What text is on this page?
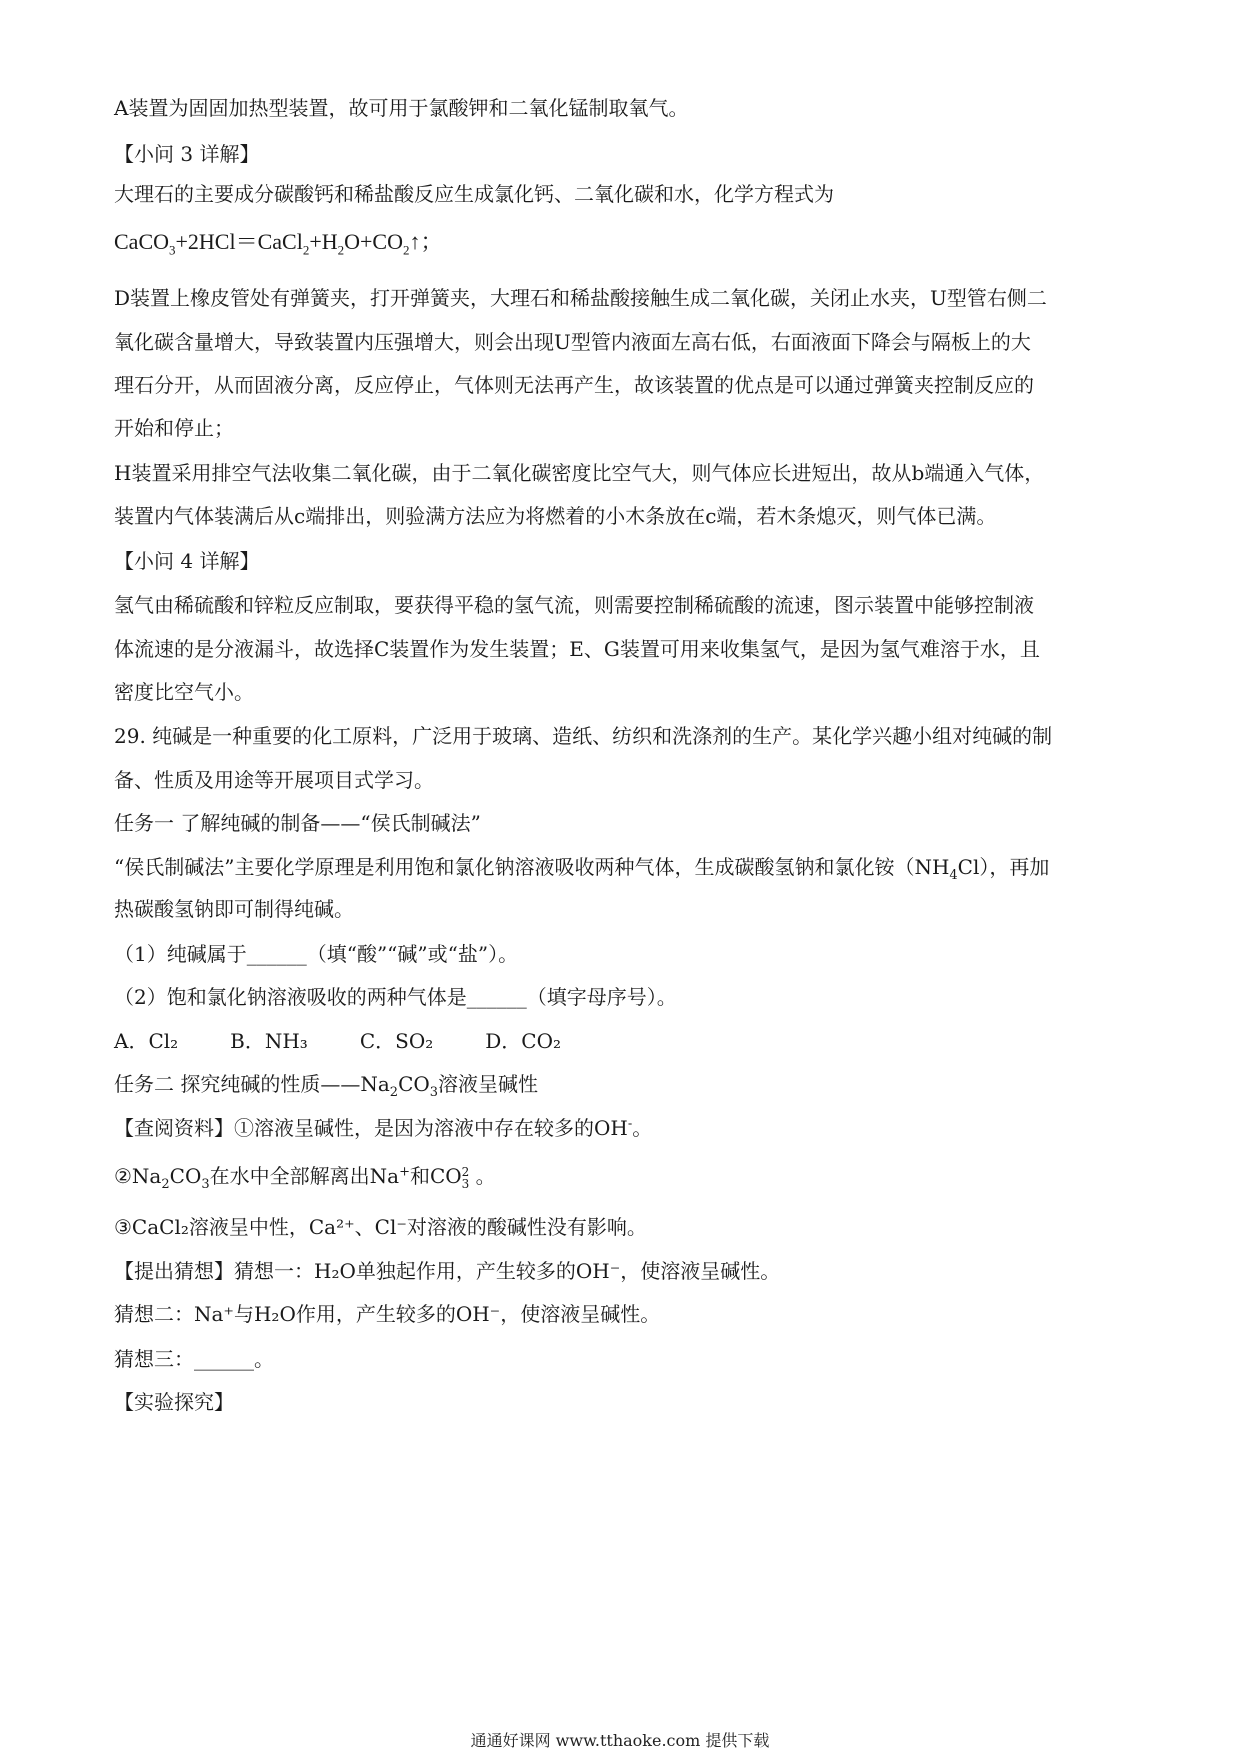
A装置为固固加热型装置，故可用于氯酸钾和二氧化锰制取氧气。
【小问 3 详解】
大理石的主要成分碳酸钙和稀盐酸反应生成氯化钙、二氧化碳和水，化学方程式为
$CaCO_3+2HCl=CaCl_2+H_2O+CO_2↑$；
D装置上橡皮管处有弹簧夹，打开弹簧夹，大理石和稀盐酸接触生成二氧化碳，关闭止水夹，U型管右侧二
氧化碳含量增大，导致装置内压强增大，则会出现U型管内液面左高右低，右面液面下降会与隔板上的大
理石分开，从而固液分离，反应停止，气体则无法再产生，故该装置的优点是可以通过弹簧夹控制反应的
开始和停止；
H装置采用排空气法收集二氧化碳，由于二氧化碳密度比空气大，则气体应长进短出，故从b端通入气体，
装置内气体装满后从c端排出，则验满方法应为将燃着的小木条放在c端，若木条熄灭，则气体已满。
【小问 4 详解】
氢气由稀硫酸和锌粒反应制取，要获得平稳的氢气流，则需要控制稀硫酸的流速，图示装置中能够控制液
体流速的是分液漏斗，故选择C装置作为发生装置；E、G装置可用来收集氢气，是因为氢气难溶于水，且
密度比空气小。
29. 纯碱是一种重要的化工原料，广泛用于玻璃、造纸、纺织和洗涤剂的生产。某化学兴趣小组对纯碱的制
备、性质及用途等开展项目式学习。
任务一 了解纯碱的制备——“侯氏制碱法”
“侯氏制碱法”主要化学原理是利用饱和氯化钠溶液吸收两种气体，生成碳酸氢钠和氯化铵$(NH_4Cl)$，再加
热碳酸氢钠即可制得纯碱。
（1）纯碱属于______（填“酸”“碱”或“盐”）。
（2）饱和氯化钠溶液吸收的两种气体是______（填字母序号）。
A．Cl₂	B．NH₃	C．SO₂	D．CO₂
任务二 探究纯碱的性质$——Na_2CO_3$溶液呈碱性
【查阅资料】①溶液呈碱性，是因为溶液中存在较多的OH-。
$②Na_2CO_3$在水中全部解离出Na+和CO 2
3 。
③CaCl₂溶液呈中性，Ca²⁺、Cl⁻对溶液的酸碱性没有影响。
【提出猜想】猜想一：H₂O单独起作用，产生较多的OH⁻，使溶液呈碱性。
猜想二：Na⁺与H₂O作用，产生较多的OH⁻，使溶液呈碱性。
猜想三：______。
【实验探究】
通通好课网 www.tthaoke.com 提供下载
